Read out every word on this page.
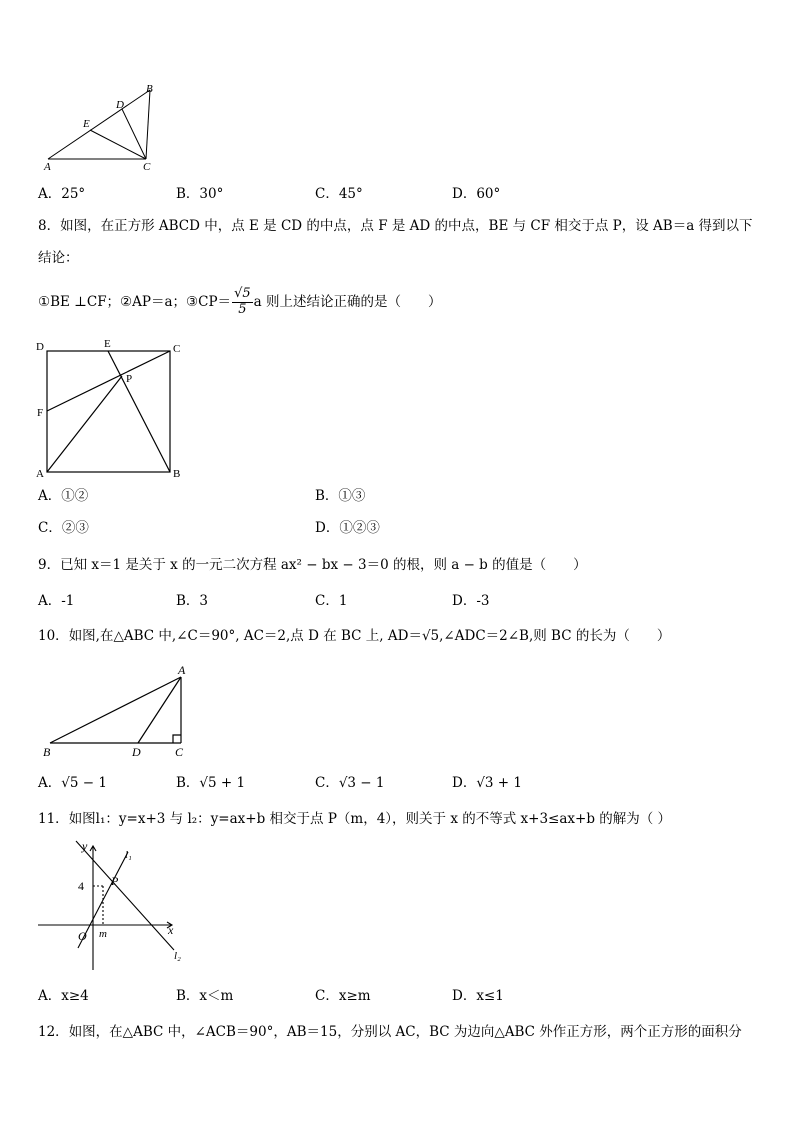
A	C
B
E
D
A．25°	B．30°	C．45°	D．60°
8．如图，在正方形 ABCD 中，点 E 是 CD 的中点，点 F 是 AD 的中点，BE 与 CF 相交于点 P，设 AB＝a 得到以下
结论：
①BE ⊥CF；②AP＝a；③CP＝ $\frac{√5}{5}$ a 则上述结论正确的是（　　）
D	C
E
F
P
A	B
A．①②	B．①③
C．②③	D．①②③
9．已知 x＝1 是关于 x 的一元二次方程 ax² − bx − 3＝0 的根，则 a − b 的值是（　　）
A．-1	B．3	C．1	D．-3
10．如图,在△ABC 中,∠C＝90°, AC＝2,点 D 在 BC 上, AD＝√5,∠ADC＝2∠B,则 BC 的长为（　　）
A
B	D	C
A．√5 − 1	B．√5 + 1	C．√3 − 1	D．√3 + 1
11．如图l₁：y=x+3 与 l₂：y=ax+b 相交于点 P（m，4），则关于 x 的不等式 x+3≤ax+b 的解为（ ）
y
x
O m
4 P
l₁
l₂
A．x≥4	B．x＜m	C．x≥m	D．x≤1
12．如图，在△ABC 中，∠ACB＝90°，AB＝15，分别以 AC，BC 为边向△ABC 外作正方形，两个正方形的面积分
